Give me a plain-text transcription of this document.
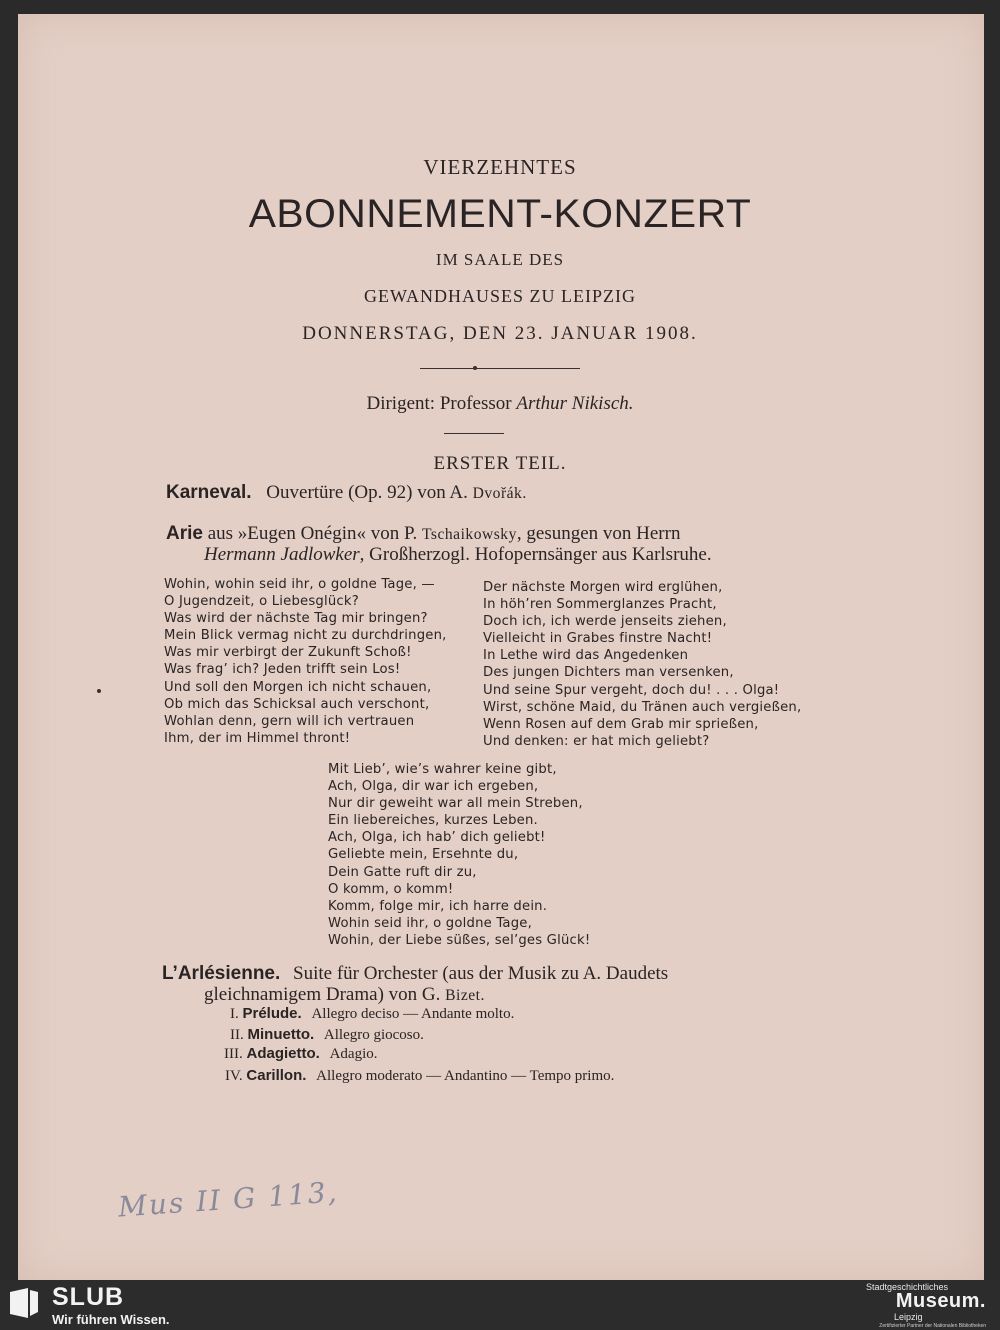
VIERZEHNTES
ABONNEMENT-KONZERT
IM SAALE DES
GEWANDHAUSES ZU LEIPZIG
DONNERSTAG, DEN 23. JANUAR 1908.
Dirigent: Professor Arthur Nikisch.
ERSTER TEIL.
Karneval. Ouvertüre (Op. 92) von A. Dvořák.
Arie aus »Eugen Onégin« von P. Tschaikowsky, gesungen von Herrn
Hermann Jadlowker, Großherzogl. Hofopernsänger aus Karlsruhe.
Wohin, wohin seid ihr, o goldne Tage, —
O Jugendzeit, o Liebesglück?
Was wird der nächste Tag mir bringen?
Mein Blick vermag nicht zu durchdringen,
Was mir verbirgt der Zukunft Schoß!
Was frag’ ich? Jeden trifft sein Los!
Und soll den Morgen ich nicht schauen,
Ob mich das Schicksal auch verschont,
Wohlan denn, gern will ich vertrauen
Ihm, der im Himmel thront!
Der nächste Morgen wird erglühen,
In höh’ren Sommerglanzes Pracht,
Doch ich, ich werde jenseits ziehen,
Vielleicht in Grabes finstre Nacht!
In Lethe wird das Angedenken
Des jungen Dichters man versenken,
Und seine Spur vergeht, doch du! . . . Olga!
Wirst, schöne Maid, du Tränen auch vergießen,
Wenn Rosen auf dem Grab mir sprießen,
Und denken: er hat mich geliebt?
Mit Lieb’, wie’s wahrer keine gibt,
Ach, Olga, dir war ich ergeben,
Nur dir geweiht war all mein Streben,
Ein liebereiches, kurzes Leben.
Ach, Olga, ich hab’ dich geliebt!
Geliebte mein, Ersehnte du,
Dein Gatte ruft dir zu,
O komm, o komm!
Komm, folge mir, ich harre dein.
Wohin seid ihr, o goldne Tage,
Wohin, der Liebe süßes, sel’ges Glück!
L’Arlésienne. Suite für Orchester (aus der Musik zu A. Daudets
gleichnamigem Drama) von G. Bizet.
I. Prélude. Allegro deciso — Andante molto.
II. Minuetto. Allegro giocoso.
III. Adagietto. Adagio.
IV. Carillon. Allegro moderato — Andantino — Tempo primo.
Mus II G 113,
SLUB
Wir führen Wissen.
Stadtgeschichtliches
Museum.
Leipzig
Zertifizierter Partner der Nationalen Bibliotheken
